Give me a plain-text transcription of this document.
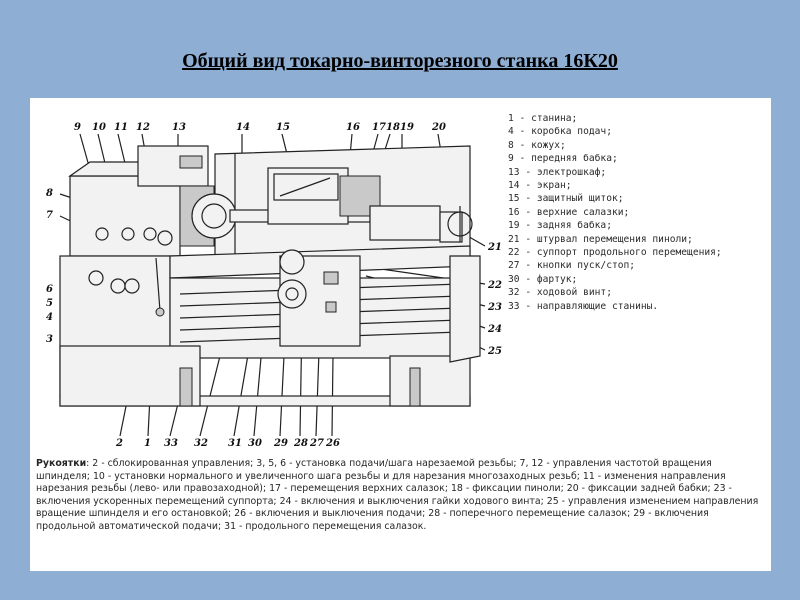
Общий вид токарно-винторезного станка 16К20
9 10 11 12 13	14	15	16 17 18 19 20
8
7
6
5
4
3
21
22
23
24
25
2 1 33 32 31 30 29 28 27 26
1 - станина;
4 - коробка подач;
8 - кожух;
9 - передняя бабка;
13 - электрошкаф;
14 - экран;
15 - защитный щиток;
16 - верхние салазки;
19 - задняя бабка;
21 - штурвал перемещения пиноли;
22 - суппорт продольного перемещения;
27 - кнопки пуск/стоп;
30 - фартук;
32 - ходовой винт;
33 - направляющие станины.
Рукоятки: 2 - сблокированная управления; 3, 5, 6 - установка подачи/шага нарезаемой резьбы; 7, 12 - управления частотой вращения шпинделя; 10 - установки нормального и увеличенного шага резьбы и для нарезания многозаходных резьб; 11 - изменения направления нарезания резьбы (лево- или правозаходной); 17 - перемещения верхних салазок; 18 - фиксации пиноли; 20 - фиксации задней бабки; 23 - включения ускоренных перемещений суппорта; 24 - включения и выключения гайки ходового винта; 25 - управления изменением направления вращение шпинделя и его остановкой; 26 - включения и выключения подачи; 28 - поперечного перемещение салазок; 29 - включения продольной автоматической подачи; 31 - продольного перемещения салазок.
